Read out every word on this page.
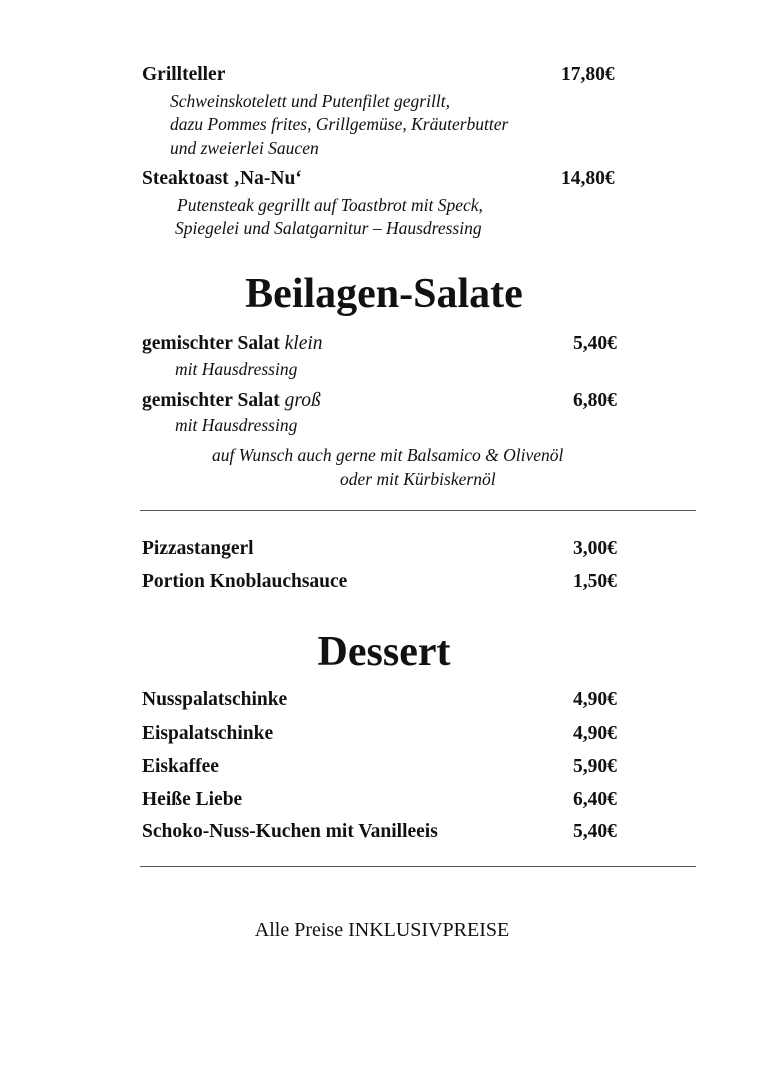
Grillteller	17,80€
Schweinskotelett und Putenfilet gegrillt,
dazu Pommes frites, Grillgemüse, Kräuterbutter
und zweierlei Saucen
Steaktoast ‚Na-Nu‘	14,80€
Putensteak gegrillt auf Toastbrot mit Speck,
Spiegelei und Salatgarnitur – Hausdressing
Beilagen-Salate
gemischter Salat klein	5,40€
mit Hausdressing
gemischter Salat groß	6,80€
mit Hausdressing
auf Wunsch auch gerne mit Balsamico & Olivenöl
oder mit Kürbiskernöl
Pizzastangerl	3,00€
Portion Knoblauchsauce	1,50€
Dessert
Nusspalatschinke	4,90€
Eispalatschinke	4,90€
Eiskaffee	5,90€
Heiße Liebe	6,40€
Schoko-Nuss-Kuchen mit Vanilleeis	5,40€
Alle Preise INKLUSIVPREISE
